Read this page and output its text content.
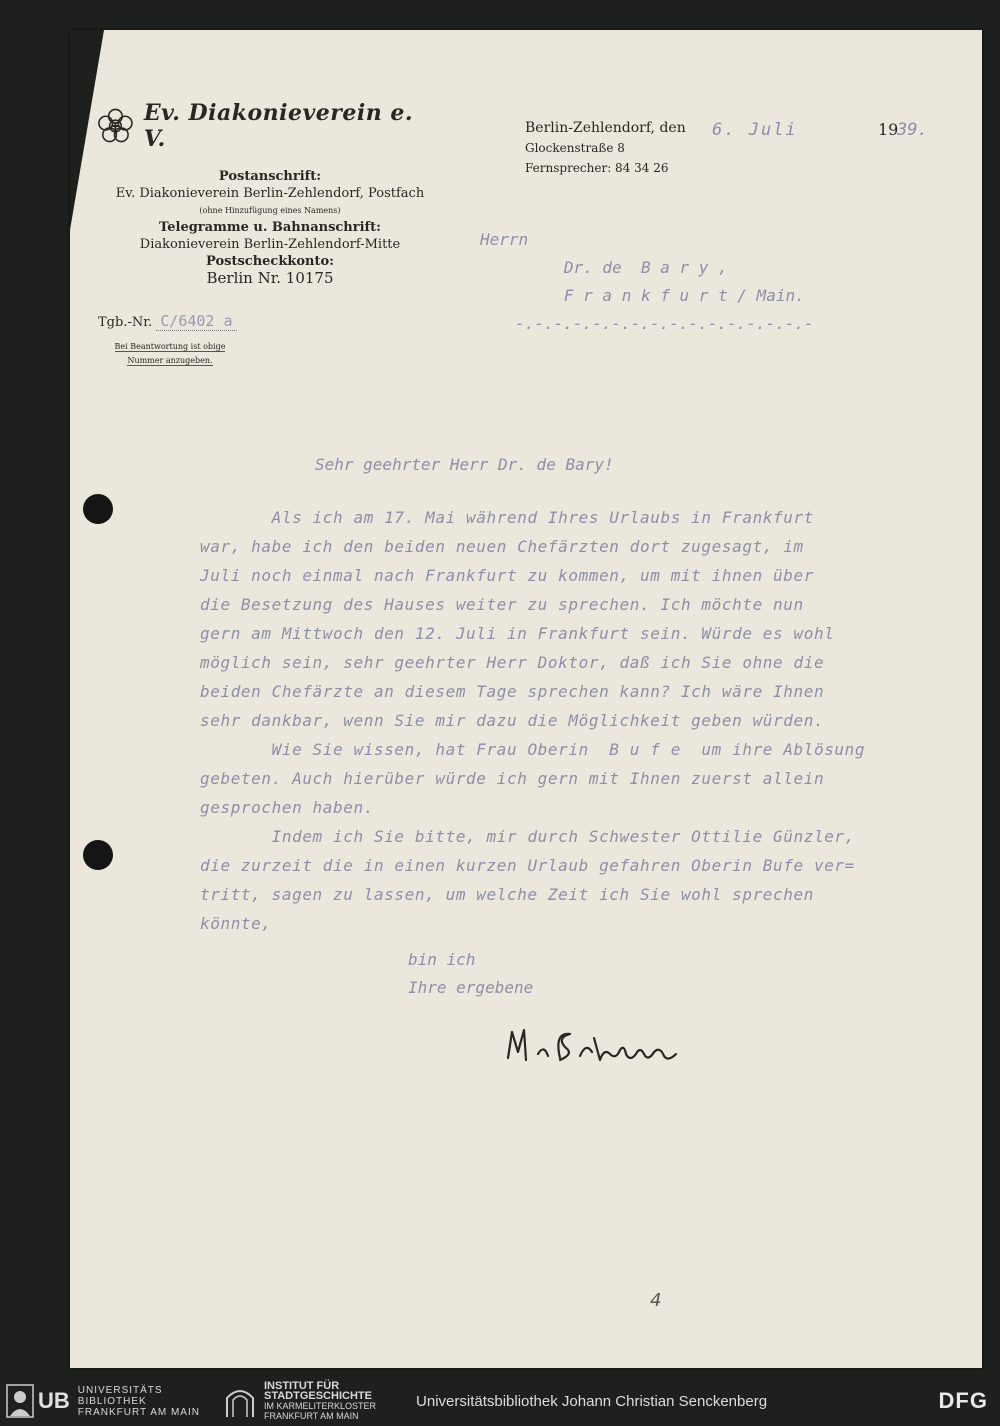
Ev. Diakonieverein e. V.
Postanschrift:
Ev. Diakonieverein Berlin-Zehlendorf, Postfach
(ohne Hinzufügung eines Namens)
Telegramme u. Bahnanschrift:
Diakonieverein Berlin-Zehlendorf-Mitte
Postscheckkonto:
Berlin Nr. 10175
Tgb.-Nr. C/6402 a
Bei Beantwortung ist obige
Nummer anzugeben.
Berlin-Zehlendorf, den
Glockenstraße 8
Fernsprecher: 84 34 26
6. Juli	19
39.
Herrn
Dr. de  B a r y ,
F r a n k f u r t / Main.
-.-.-.-.-.-.-.-.-.-.-.-.-.-.-.-
Sehr geehrter Herr Dr. de Bary!

Als ich am 17. Mai während Ihres Urlaubs in Frankfurt

war, habe ich den beiden neuen Chefärzten dort zugesagt, im

Juli noch einmal nach Frankfurt zu kommen, um mit ihnen über

die Besetzung des Hauses weiter zu sprechen. Ich möchte nun

gern am Mittwoch den 12. Juli in Frankfurt sein. Würde es wohl

möglich sein, sehr geehrter Herr Doktor, daß ich Sie ohne die

beiden Chefärzte an diesem Tage sprechen kann? Ich wäre Ihnen

sehr dankbar, wenn Sie mir dazu die Möglichkeit geben würden.

Wie Sie wissen, hat Frau Oberin  B u f e  um ihre Ablösung

gebeten. Auch hierüber würde ich gern mit Ihnen zuerst allein

gesprochen haben.

Indem ich Sie bitte, mir durch Schwester Ottilie Günzler,

die zurzeit die in einen kurzen Urlaub gefahren Oberin Bufe ver=

tritt, sagen zu lassen, um welche Zeit ich Sie wohl sprechen

könnte,

bin ich
Ihre ergebene
4
UB UNIVERSITÄTS
BIBLIOTHEK
FRANKFURT AM MAIN
INSTITUT FÜR
STADTGESCHICHTE
IM KARMELITERKLOSTER
FRANKFURT AM MAIN
Universitätsbibliothek Johann Christian Senckenberg	DFG
